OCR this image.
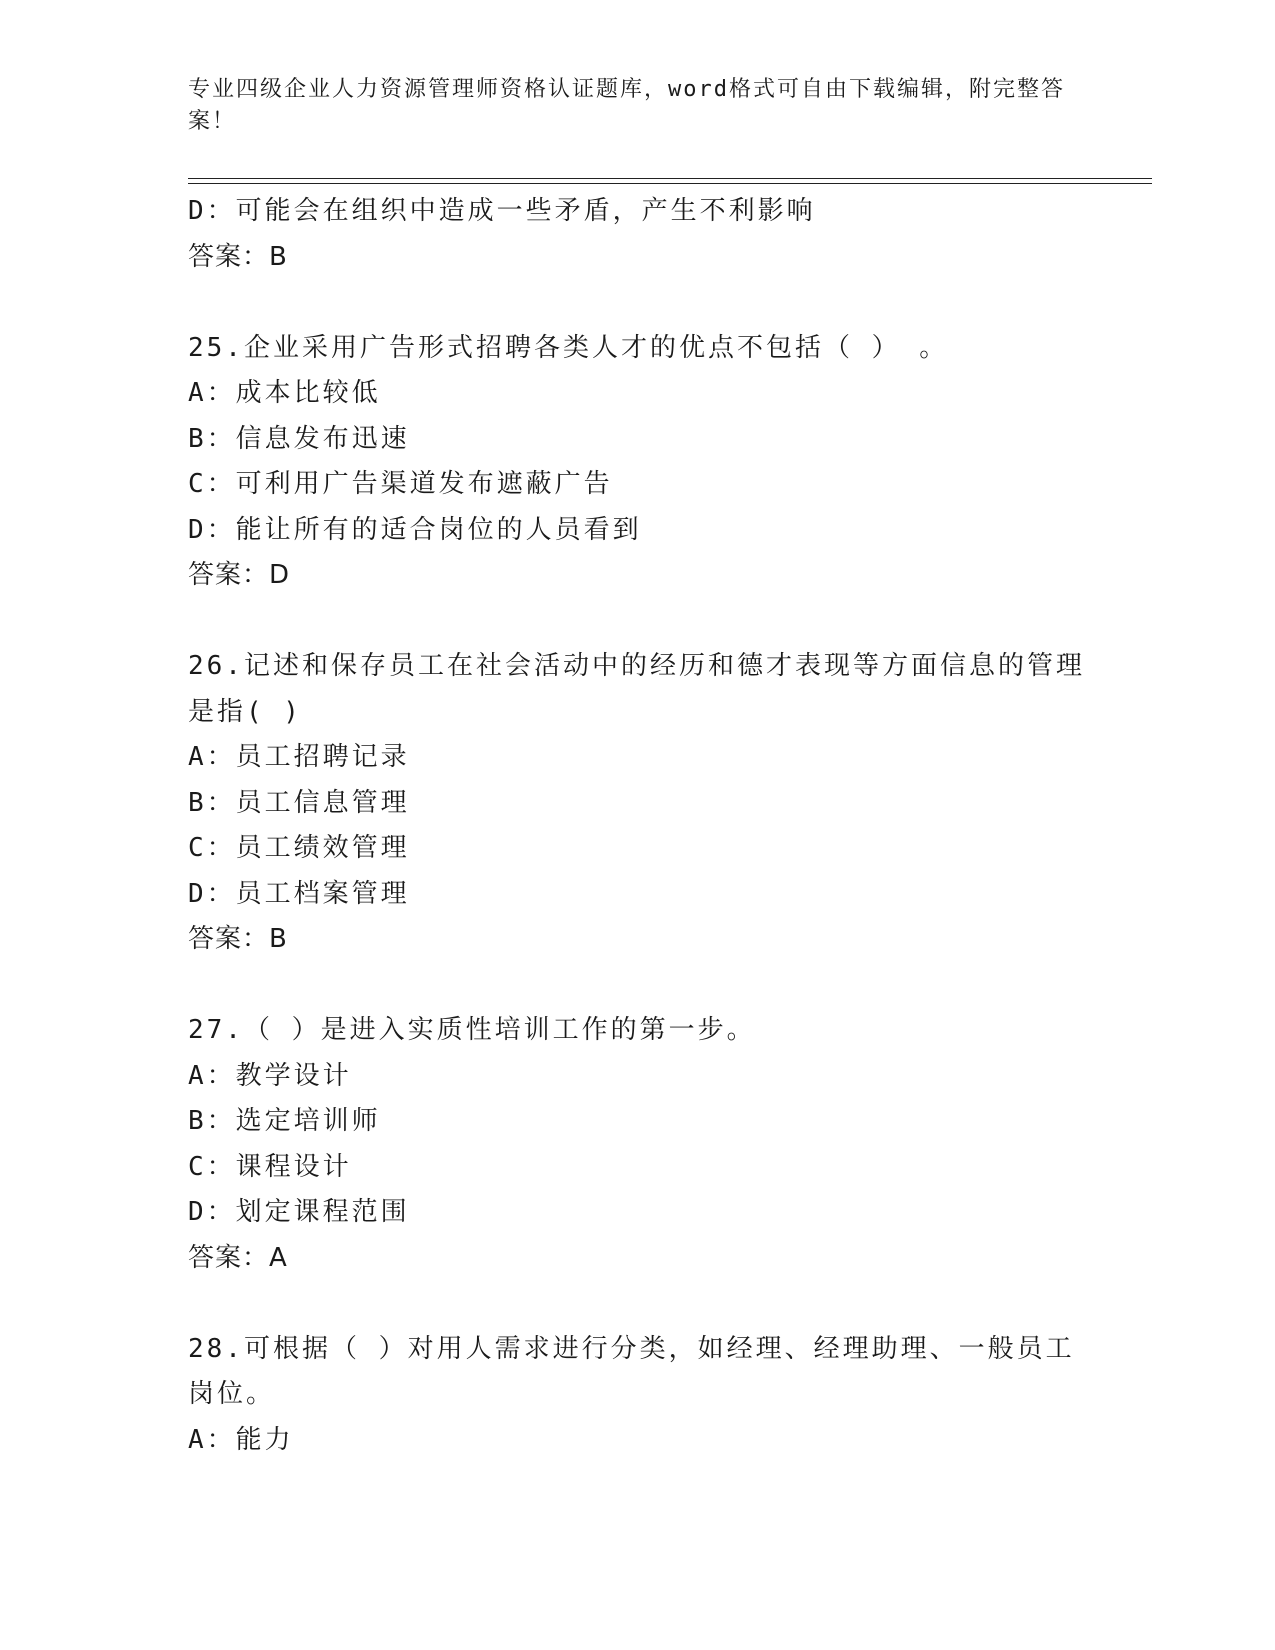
专业四级企业人力资源管理师资格认证题库，word格式可自由下载编辑，附完整答案！
D：可能会在组织中造成一些矛盾，产生不利影响
答案：B
25.企业采用广告形式招聘各类人才的优点不包括（ ） 。
A：成本比较低
B：信息发布迅速
C：可利用广告渠道发布遮蔽广告
D：能让所有的适合岗位的人员看到
答案：D
26.记述和保存员工在社会活动中的经历和德才表现等方面信息的管理是指( )
A：员工招聘记录
B：员工信息管理
C：员工绩效管理
D：员工档案管理
答案：B
27.（ ）是进入实质性培训工作的第一步。
A：教学设计
B：选定培训师
C：课程设计
D：划定课程范围
答案：A
28.可根据（ ）对用人需求进行分类，如经理、经理助理、一般员工岗位。
A：能力
